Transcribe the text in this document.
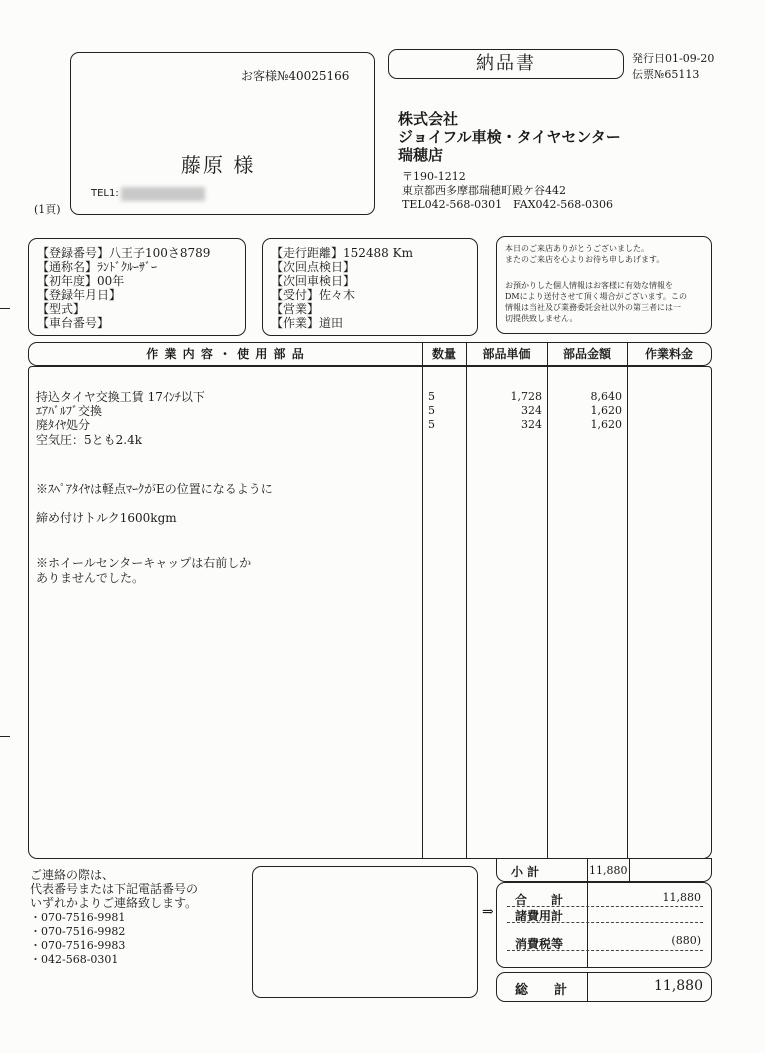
お客様№40025166
藤原 様
TEL1:
(1頁)
納品書	発行日01-09-20
伝票№65113
株式会社
ジョイフル車検・タイヤセンター
瑞穂店
〒190-1212
東京都西多摩郡瑞穂町殿ケ谷442
TEL042-568-0301　FAX042-568-0306
【登録番号】八王子100さ8789
【通称名】ﾗﾝﾄﾞｸﾙｰｻﾞｰ
【初年度】00年
【登録年月日】
【型式】
【車台番号】
【走行距離】152488 Km
【次回点検日】
【次回車検日】
【受付】佐々木
【営業】
【作業】道田
本日のご来店ありがとうございました。
またのご来店を心よりお待ち申しあげます。
お預かりした個人情報はお客様に有効な情報を
DMにより送付させて頂く場合がございます。この
情報は当社及び業務委託会社以外の第三者には一
切提供致しません。
作 業 内 容 ・ 使 用 部 品	数量	部品単価	部品金額	作業料金
持込タイヤ交換工賃 17ｲﾝﾁ以下	5	1,728	8,640
ｴｱﾊﾞﾙﾌﾞ交換	5	324	1,620
廃ﾀｲﾔ処分	5	324	1,620
空気圧：5とも2.4k
※ｽﾍﾟｱﾀｲﾔは軽点ﾏｰｸがEの位置になるように
締め付けトルク1600kgm
※ホイールセンターキャップは右前しか
ありませんでした。
ご連絡の際は、
代表番号または下記電話番号の
いずれかよりご連絡致します。
・070-7516-9981
・070-7516-9982
・070-7516-9983
・042-568-0301
小 計	11,880
⇒
合　　計	11,880
諸費用計
消費税等	(880)
総　　計	11,880
